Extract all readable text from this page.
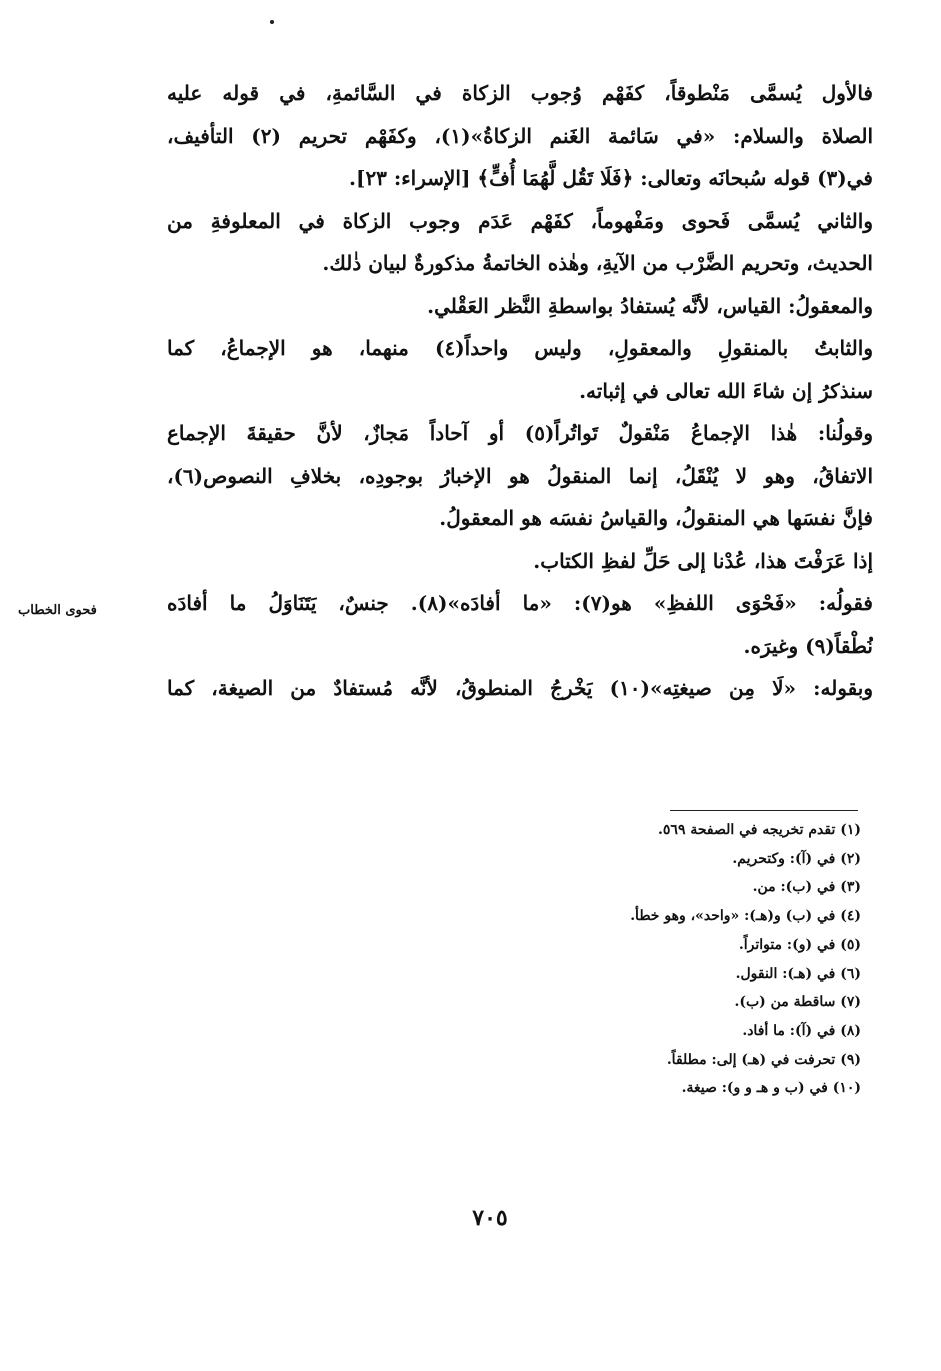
فالأول يُسمَّى مَنْطوقاً، كفَهْم وُجوب الزكاة في السَّائمةِ، في قوله عليه
الصلاة والسلام: «في سَائمة الغَنم الزكاةُ»(١)، وكفَهْم تحريم (٢) التأفيف،
في(٣) قوله سُبحانَه وتعالى: ﴿فَلَا تَقُل لَّهُمَا أُفٍّ﴾ [الإسراء: ٢٣].
والثاني يُسمَّى فَحوى ومَفْهوماً، كفَهْم عَدَم وجوب الزكاة في المعلوفةِ من
الحديث، وتحريم الضَّرْب من الآيةِ، وهٰذه الخاتمةُ مذكورةٌ لبيان ذٰلك.
والمعقولُ: القياس، لأنَّه يُستفادُ بواسطةِ النَّظر العَقْلي.
والثابتُ بالمنقولِ والمعقولِ، وليس واحداً(٤) منهما، هو الإجماعُ، كما
سنذكرُ إن شاءَ الله تعالى في إثباته.
وقولُنا: هٰذا الإجماعُ مَنْقولٌ تَواتُراً(٥) أو آحاداً مَجازٌ، لأنَّ حقيقةَ الإجماع
الاتفاقُ، وهو لا يُنْقَلُ، إنما المنقولُ هو الإخبارُ بوجودِه، بخلافِ النصوص(٦)،
فإنَّ نفسَها هي المنقولُ، والقياسُ نفسَه هو المعقولُ.
إذا عَرَفْتَ هذا، عُدْنا إلى حَلِّ لفظِ الكتاب.
فقولُه: «فَحْوَى اللفظِ» هو(٧): «ما أفادَه»(٨). جنسٌ، يَتَنَاوَلُ ما أفادَه
نُطْقاً(٩) وغيرَه.
وبقوله: «لَا مِن صيغتِه»(١٠) يَخْرجُ المنطوقُ، لأنَّه مُستفادٌ من الصيغة، كما
فحوى الخطاب
(١) تقدم تخريجه في الصفحة ٥٦٩.
(٢) في (آ): وكتحريم.
(٣) في (ب): من.
(٤) في (ب) و(هـ): «واحد»، وهو خطأ.
(٥) في (و): متواتراً.
(٦) في (هـ): النقول.
(٧) ساقطة من (ب).
(٨) في (آ): ما أفاد.
(٩) تحرفت في (هـ) إلى: مطلقاً.
(١٠) في (ب و هـ و و): صيغة.
٧٠٥
